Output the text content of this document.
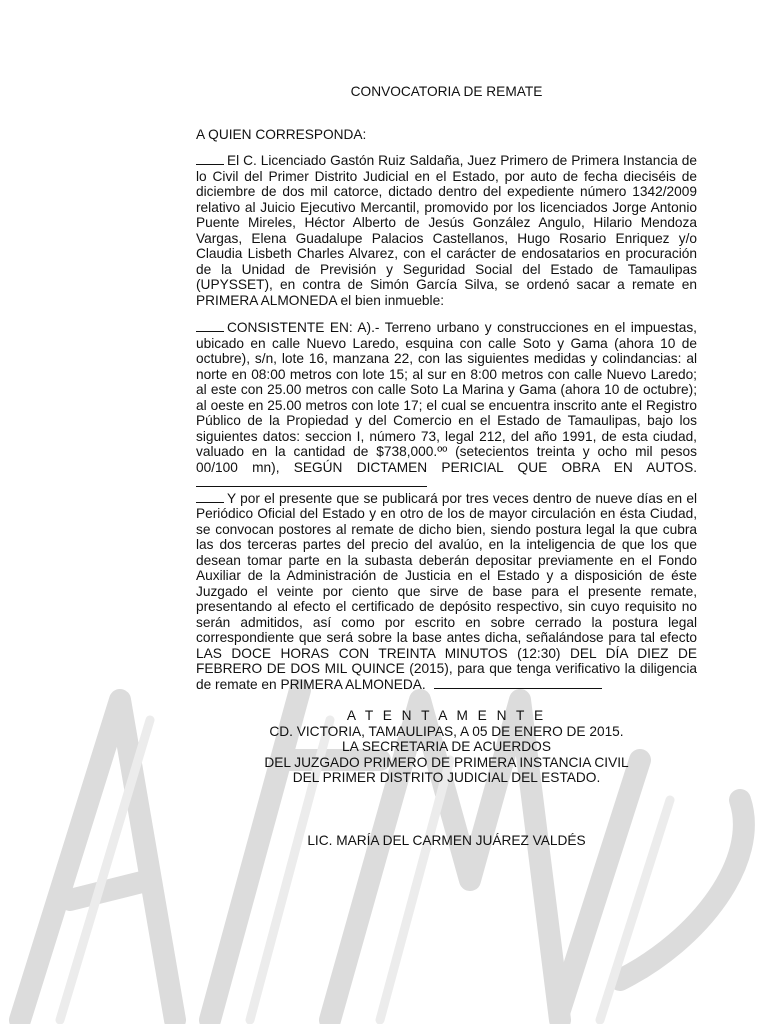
CONVOCATORIA DE REMATE
A QUIEN CORRESPONDA:

El C. Licenciado Gastón Ruiz Saldaña, Juez Primero de Primera Instancia de lo Civil del Primer Distrito Judicial en el Estado, por auto de fecha dieciséis de diciembre de dos mil catorce, dictado dentro del expediente número 1342/2009 relativo al Juicio Ejecutivo Mercantil, promovido por los licenciados Jorge Antonio Puente Mireles, Héctor Alberto de Jesús González Angulo, Hilario Mendoza Vargas, Elena Guadalupe Palacios Castellanos, Hugo Rosario Enriquez y/o Claudia Lisbeth Charles Alvarez, con el carácter de endosatarios en procuración de la Unidad de Previsión y Seguridad Social del Estado de Tamaulipas (UPYSSET), en contra de Simón García Silva, se ordenó sacar a remate en PRIMERA ALMONEDA el bien inmueble:

CONSISTENTE EN: A).- Terreno urbano y construcciones en el impuestas, ubicado en calle Nuevo Laredo, esquina con calle Soto y Gama (ahora 10 de octubre), s/n, lote 16, manzana 22, con las siguientes medidas y colindancias: al norte en 08:00 metros con lote 15; al sur en 8:00 metros con calle Nuevo Laredo; al este con 25.00 metros con calle Soto La Marina y Gama (ahora 10 de octubre); al oeste en 25.00 metros con lote 17; el cual se encuentra inscrito ante el Registro Público de la Propiedad y del Comercio en el Estado de Tamaulipas, bajo los siguientes datos: seccion I, número 73, legal 212, del año 1991, de esta ciudad, valuado en la cantidad de $738,000.ºº (setecientos treinta y ocho mil pesos 00/100 mn), SEGÚN DICTAMEN PERICIAL QUE OBRA EN AUTOS.

Y por el presente que se publicará por tres veces dentro de nueve días en el Periódico Oficial del Estado y en otro de los de mayor circulación en ésta Ciudad, se convocan postores al remate de dicho bien, siendo postura legal la que cubra las dos terceras partes del precio del avalúo, en la inteligencia de que los que desean tomar parte en la subasta deberán depositar previamente en el Fondo Auxiliar de la Administración de Justicia en el Estado y a disposición de éste Juzgado el veinte por ciento que sirve de base para el presente remate, presentando al efecto el certificado de depósito respectivo, sin cuyo requisito no serán admitidos, así como por escrito en sobre cerrado la postura legal correspondiente que será sobre la base antes dicha, señalándose para tal efecto LAS DOCE HORAS CON TREINTA MINUTOS (12:30) DEL DÍA DIEZ DE FEBRERO DE DOS MIL QUINCE (2015), para que tenga verificativo la diligencia de remate en PRIMERA ALMONEDA.

A T E N T A M E N T E
CD. VICTORIA, TAMAULIPAS, A 05 DE ENERO DE 2015.
LA SECRETARIA DE ACUERDOS
DEL JUZGADO PRIMERO DE PRIMERA INSTANCIA CIVIL
DEL PRIMER DISTRITO JUDICIAL DEL ESTADO.
LIC. MARÍA DEL CARMEN JUÁREZ VALDÉS
